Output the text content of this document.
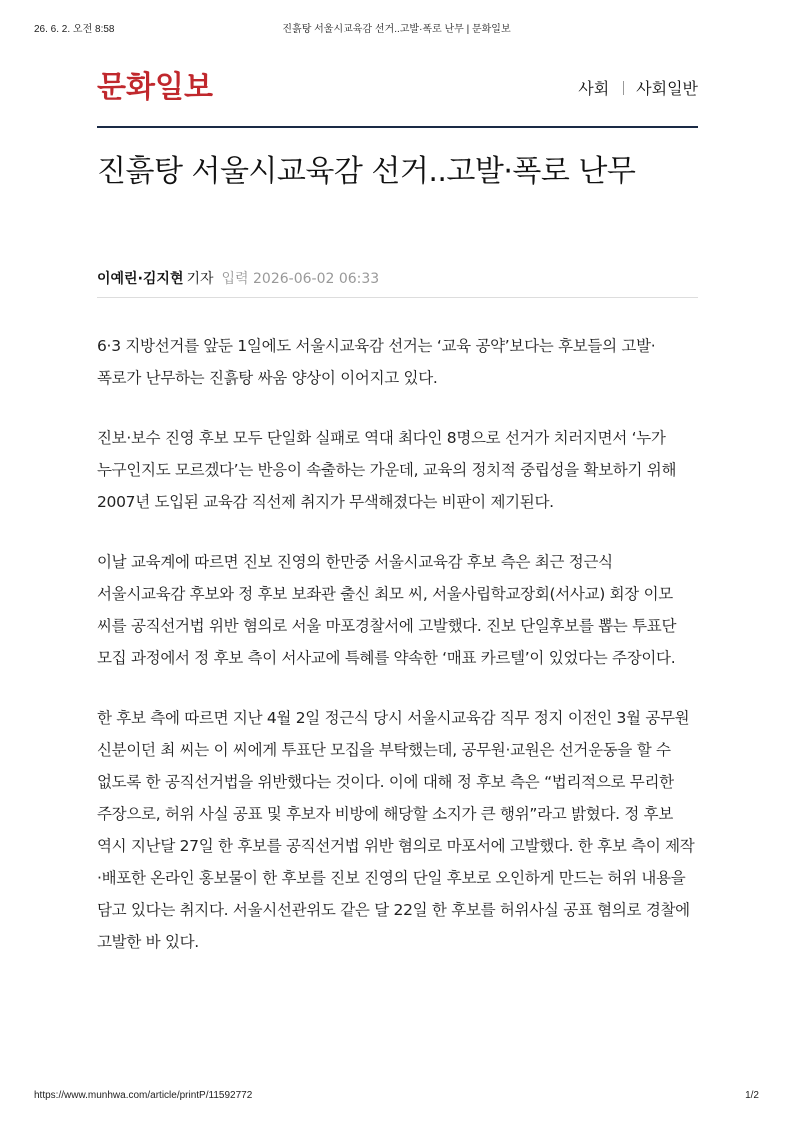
26. 6. 2. 오전 8:58	진흙탕 서울시교육감 선거..고발·폭로 난무 | 문화일보
문화일보	사회 사회일반
진흙탕 서울시교육감 선거..고발·폭로 난무
이예린·김지현 기자 입력 2026-06-02 06:33

6·3 지방선거를 앞둔 1일에도 서울시교육감 선거는 ‘교육 공약’보다는 후보들의 고발·폭로가 난무하는 진흙탕 싸움 양상이 이어지고 있다.

진보·보수 진영 후보 모두 단일화 실패로 역대 최다인 8명으로 선거가 치러지면서 ‘누가 누구인지도 모르겠다’는 반응이 속출하는 가운데, 교육의 정치적 중립성을 확보하기 위해 2007년 도입된 교육감 직선제 취지가 무색해졌다는 비판이 제기된다.

이날 교육계에 따르면 진보 진영의 한만중 서울시교육감 후보 측은 최근 정근식 서울시교육감 후보와 정 후보 보좌관 출신 최모 씨, 서울사립학교장회(서사교) 회장 이모 씨를 공직선거법 위반 혐의로 서울 마포경찰서에 고발했다. 진보 단일후보를 뽑는 투표단 모집 과정에서 정 후보 측이 서사교에 특혜를 약속한 ‘매표 카르텔’이 있었다는 주장이다.

한 후보 측에 따르면 지난 4월 2일 정근식 당시 서울시교육감 직무 정지 이전인 3월 공무원 신분이던 최 씨는 이 씨에게 투표단 모집을 부탁했는데, 공무원·교원은 선거운동을 할 수 없도록 한 공직선거법을 위반했다는 것이다. 이에 대해 정 후보 측은 “법리적으로 무리한 주장으로, 허위 사실 공표 및 후보자 비방에 해당할 소지가 큰 행위”라고 밝혔다. 정 후보 역시 지난달 27일 한 후보를 공직선거법 위반 혐의로 마포서에 고발했다. 한 후보 측이 제작·배포한 온라인 홍보물이 한 후보를 진보 진영의 단일 후보로 오인하게 만드는 허위 내용을 담고 있다는 취지다. 서울시선관위도 같은 달 22일 한 후보를 허위사실 공표 혐의로 경찰에 고발한 바 있다.

https://www.munhwa.com/article/printP/11592772	1/2
